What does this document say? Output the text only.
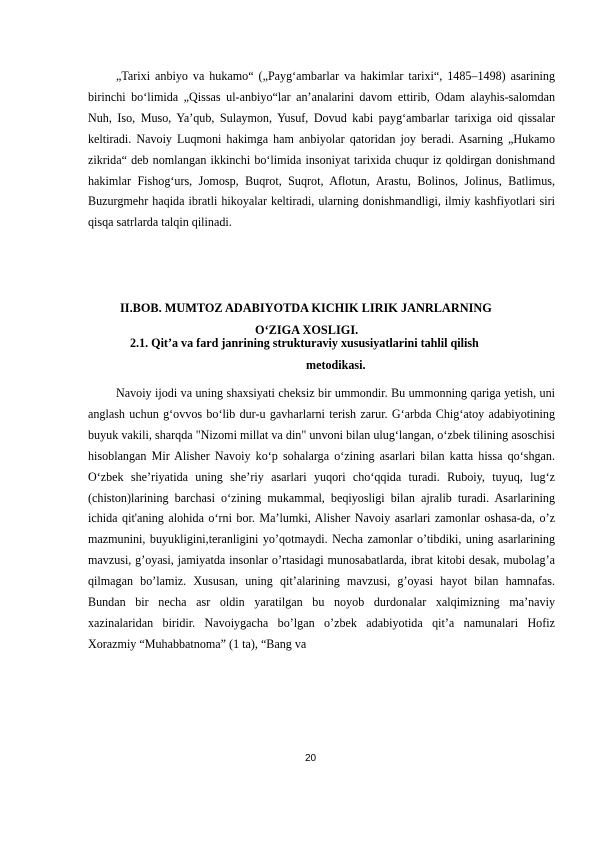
„Tarixi anbiyo va hukamo“ („Payg‘ambarlar va hakimlar tarixi“, 1485–1498) asarining birinchi bo‘limida „Qissas ul-anbiyo“lar an’analarini davom ettirib, Odam alayhis-salomdan Nuh, Iso, Muso, Ya’qub, Sulaymon, Yusuf, Dovud kabi payg‘ambarlar tarixiga oid qissalar keltiradi. Navoiy Luqmoni hakimga ham anbiyolar qatoridan joy beradi. Asarning „Hukamo zikrida“ deb nomlangan ikkinchi bo‘limida insoniyat tarixida chuqur iz qoldirgan donishmand hakimlar Fishog‘urs, Jomosp, Buqrot, Suqrot, Aflotun, Arastu, Bolinos, Jolinus, Batlimus, Buzurgmehr haqida ibratli hikoyalar keltiradi, ularning donishmandligi, ilmiy kashfiyotlari siri qisqa satrlarda talqin qilinadi.

II.BOB. MUMTOZ ADABIYOTDA KICHIK LIRIK JANRLARNING

O‘ZIGA XOSLIGI.

2.1. Qit’a va fard janrining strukturaviy xususiyatlarini tahlil qilish

metodikasi.

Navoiy ijodi va uning shaxsiyati cheksiz bir ummondir. Bu ummonning qariga yetish, uni anglash uchun g‘ovvos bo‘lib dur-u gavharlarni terish zarur. G‘arbda Chig‘atoy adabiyotining buyuk vakili, sharqda "Nizomi millat va din" unvoni bilan ulug‘langan, o‘zbek tilining asoschisi hisoblangan Mir Alisher Navoiy ko‘p sohalarga o‘zining asarlari bilan katta hissa qo‘shgan. O‘zbek she’riyatida uning she’riy asarlari yuqori cho‘qqida turadi. Ruboiy, tuyuq, lug‘z (chiston)larining barchasi o‘zining mukammal, beqiyosligi bilan ajralib turadi. Asarlarining ichida qit'aning alohida o‘rni bor. Ma’lumki, Alisher Navoiy asarlari zamonlar oshasa-da, o’z mazmunini, buyukligini,teranligini yo’qotmaydi. Necha zamonlar o’tibdiki, uning asarlarining mavzusi, g’oyasi, jamiyatda insonlar o’rtasidagi munosabatlarda, ibrat kitobi desak, mubolag’a qilmagan bo’lamiz. Xususan, uning qit’alarining mavzusi, g’oyasi hayot bilan hamnafas. Bundan bir necha asr oldin yaratilgan bu noyob durdonalar xalqimizning ma’naviy xazinalaridan biridir. Navoiygacha bo’lgan o’zbek adabiyotida qit’a namunalari Hofiz Xorazmiy “Muhabbatnoma” (1 ta), “Bang va

20
